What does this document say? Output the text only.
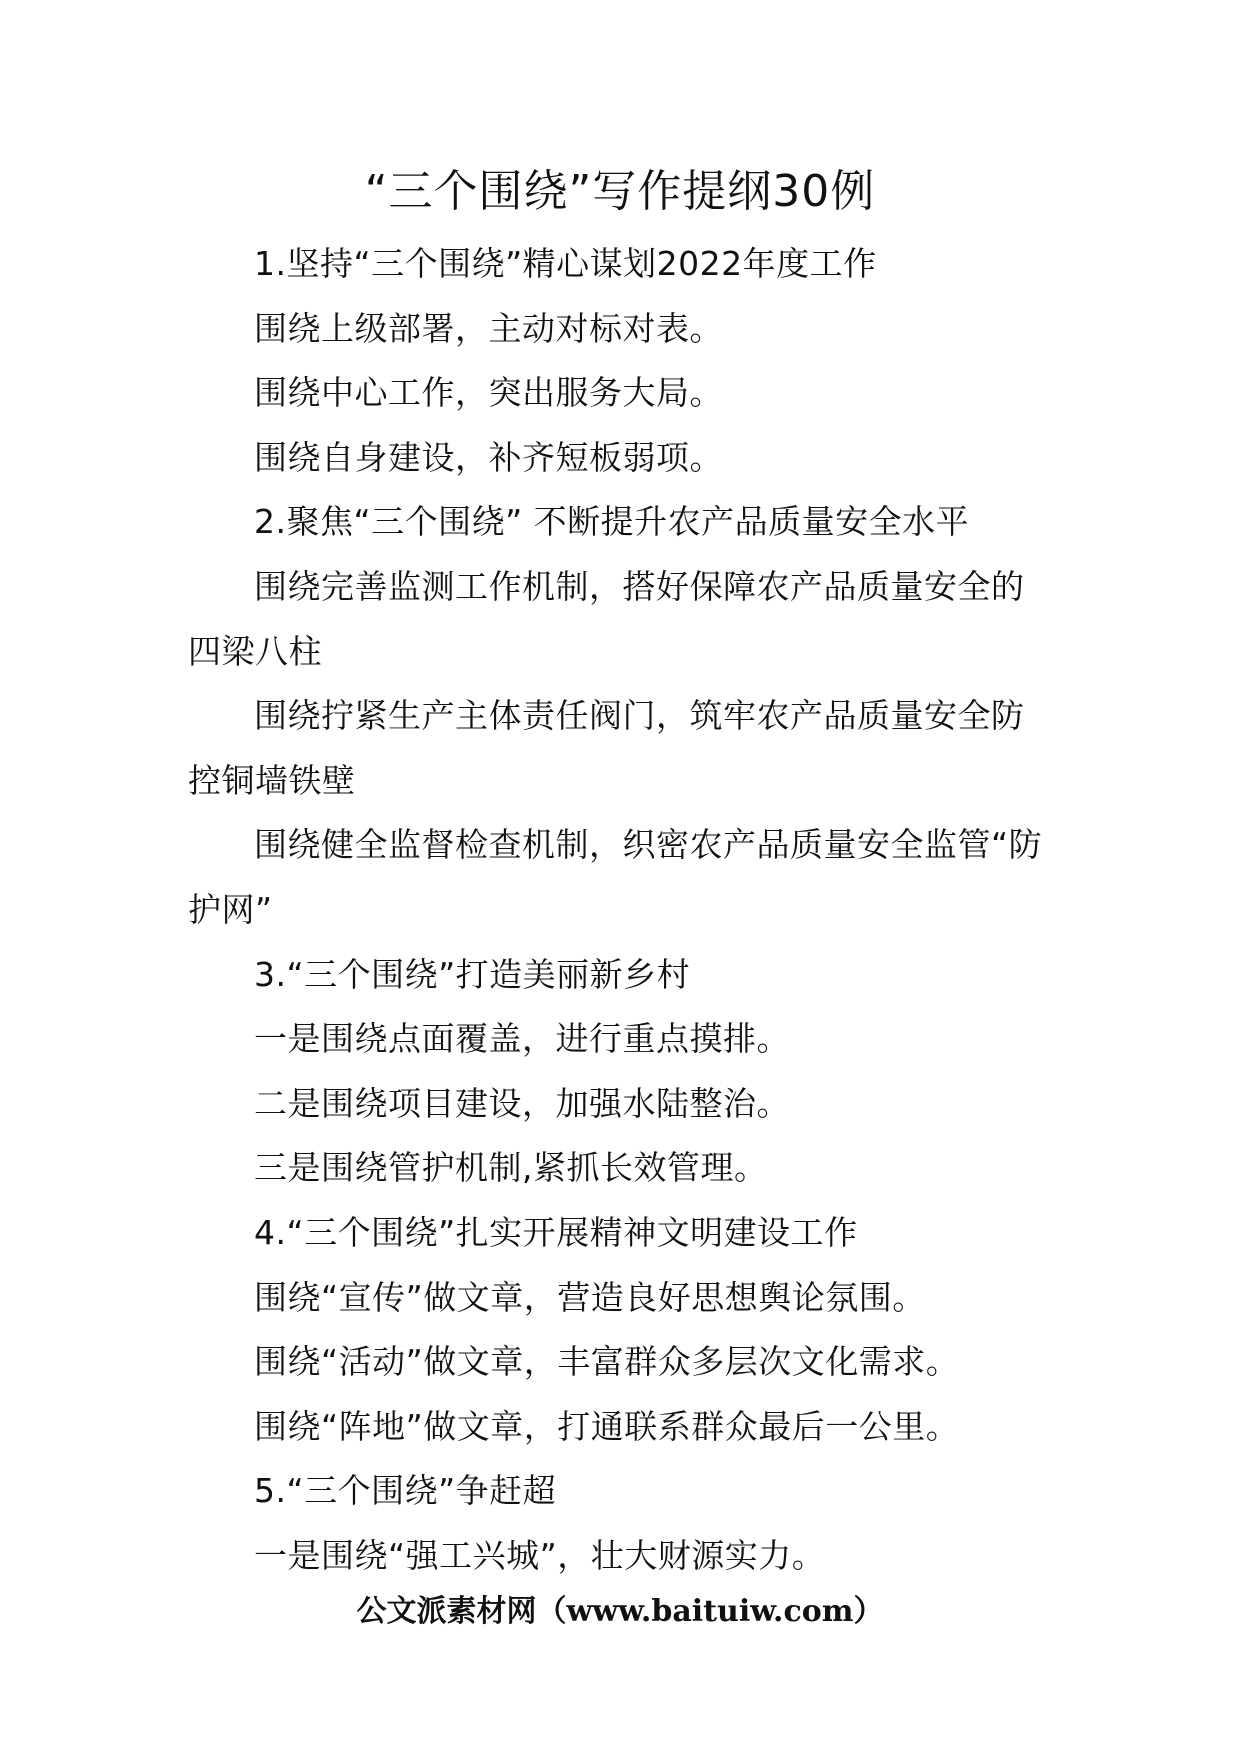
“三个围绕”写作提纲30例

1.坚持“三个围绕”精心谋划2022年度工作

围绕上级部署，主动对标对表。

围绕中心工作，突出服务大局。

围绕自身建设，补齐短板弱项。

2.聚焦“三个围绕” 不断提升农产品质量安全水平

围绕完善监测工作机制，搭好保障农产品质量安全的四梁八柱

围绕拧紧生产主体责任阀门，筑牢农产品质量安全防控铜墙铁壁

围绕健全监督检查机制，织密农产品质量安全监管“防护网”

3.“三个围绕”打造美丽新乡村

一是围绕点面覆盖，进行重点摸排。

二是围绕项目建设，加强水陆整治。

三是围绕管护机制,紧抓长效管理。

4.“三个围绕”扎实开展精神文明建设工作

围绕“宣传”做文章，营造良好思想舆论氛围。

围绕“活动”做文章，丰富群众多层次文化需求。

围绕“阵地”做文章，打通联系群众最后一公里。

5.“三个围绕”争赶超

一是围绕“强工兴城”，壮大财源实力。

公文派素材网（www.baituiw.com）
